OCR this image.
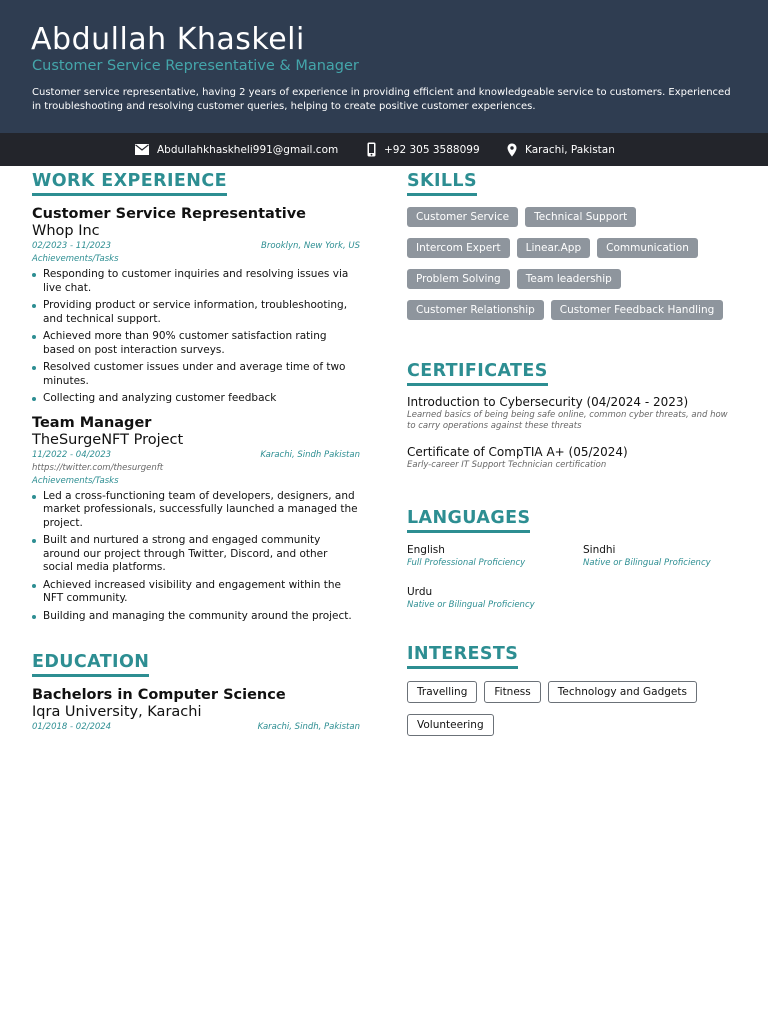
Abdullah Khaskeli
Customer Service Representative & Manager
Customer service representative, having 2 years of experience in providing efficient and knowledgeable service to customers. Experienced in troubleshooting and resolving customer queries, helping to create positive customer experiences.
Abdullahkhaskheli991@gmail.com	+92 305 3588099	Karachi, Pakistan
WORK EXPERIENCE
Customer Service Representative
Whop Inc
02/2023 - 11/2023	Brooklyn, New York, US
Achievements/Tasks
Responding to customer inquiries and resolving issues via live chat.
Providing product or service information, troubleshooting, and technical support.
Achieved more than 90% customer satisfaction rating based on post interaction surveys.
Resolved customer issues under and average time of two minutes.
Collecting and analyzing customer feedback
Team Manager
TheSurgeNFT Project
11/2022 - 04/2023	Karachi, Sindh Pakistan
https://twitter.com/thesurgenft
Achievements/Tasks
Led a cross-functioning team of developers, designers, and market professionals, successfully launched a managed the project.
Built and nurtured a strong and engaged community around our project through Twitter, Discord, and other social media platforms.
Achieved increased visibility and engagement within the NFT community.
Building and managing the community around the project.
EDUCATION
Bachelors in Computer Science
Iqra University, Karachi
01/2018 - 02/2024	Karachi, Sindh, Pakistan
SKILLS
Customer Service	Technical Support
Intercom Expert	Linear.App	Communication
Problem Solving	Team leadership
Customer Relationship	Customer Feedback Handling
CERTIFICATES
Introduction to Cybersecurity (04/2024 - 2023)
Learned basics of being being safe online, common cyber threats, and how to carry operations against these threats
Certificate of CompTIA A+ (05/2024)
Early-career IT Support Technician certification
LANGUAGES
English
Full Professional Proficiency
Sindhi
Native or Bilingual Proficiency
Urdu
Native or Bilingual Proficiency
INTERESTS
Travelling	Fitness	Technology and Gadgets
Volunteering
